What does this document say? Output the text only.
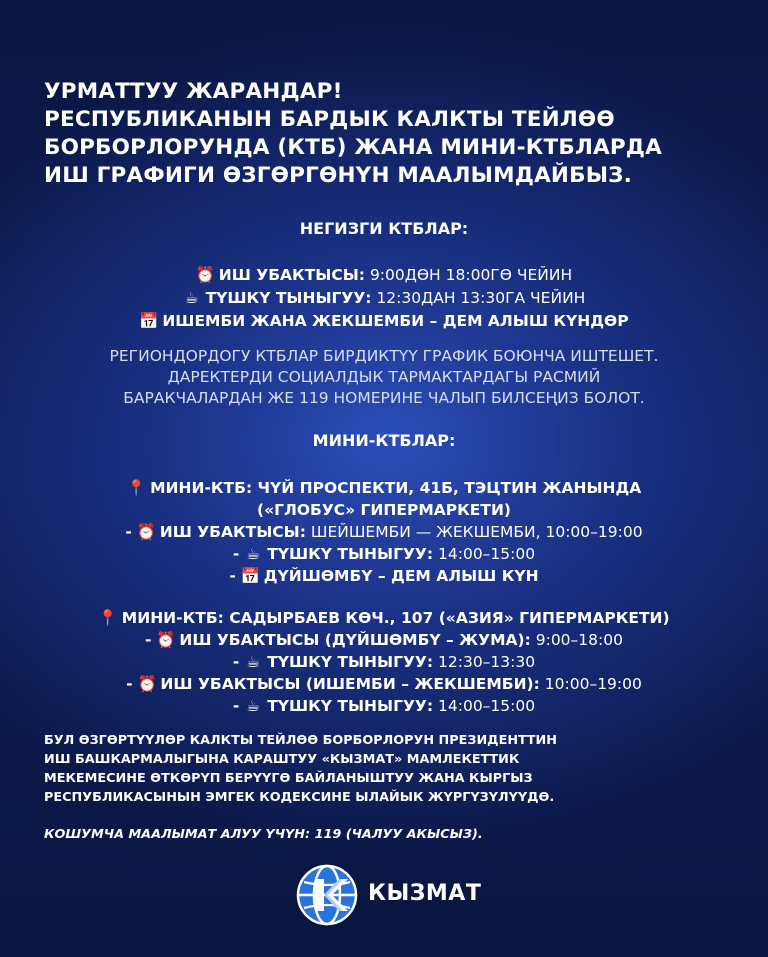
УРМАТТУУ ЖАРАНДАР!
РЕСПУБЛИКАНЫН БАРДЫК КАЛКТЫ ТЕЙЛӨӨ
БОРБОРЛОРУНДА (КТБ) ЖАНА МИНИ-КТБЛАРДА
ИШ ГРАФИГИ ӨЗГӨРГӨНҮН МААЛЫМДАЙБЫЗ.
НЕГИЗГИ КТБЛАР:
⏰ ИШ УБАКТЫСЫ: 9:00ДӨН 18:00ГӨ ЧЕЙИН
☕ ТҮШКҮ ТЫНЫГУУ: 12:30ДАН 13:30ГА ЧЕЙИН
📅 ИШЕМБИ ЖАНА ЖЕКШЕМБИ – ДЕМ АЛЫШ КҮНДӨР
РЕГИОНДОРДОГУ КТБЛАР БИРДИКТҮҮ ГРАФИК БОЮНЧА ИШТЕШЕТ.
ДАРЕКТЕРДИ СОЦИАЛДЫК ТАРМАКТАРДАГЫ РАСМИЙ
БАРАКЧАЛАРДАН ЖЕ 119 НОМЕРИНЕ ЧАЛЫП БИЛСЕҢИЗ БОЛОТ.
МИНИ-КТБЛАР:
📍 МИНИ-КТБ: ЧҮЙ ПРОСПЕКТИ, 41Б, ТЭЦТИН ЖАНЫНДА
(«ГЛОБУС» ГИПЕРМАРКЕТИ)
- ⏰ ИШ УБАКТЫСЫ: ШЕЙШЕМБИ — ЖЕКШЕМБИ, 10:00–19:00
- ☕ ТҮШКҮ ТЫНЫГУУ: 14:00–15:00
- 📅 ДҮЙШӨМБҮ – ДЕМ АЛЫШ КҮН
📍 МИНИ-КТБ: САДЫРБАЕВ КӨЧ., 107 («АЗИЯ» ГИПЕРМАРКЕТИ)
- ⏰ ИШ УБАКТЫСЫ (ДҮЙШӨМБҮ – ЖУМА): 9:00–18:00
- ☕ ТҮШКҮ ТЫНЫГУУ: 12:30–13:30
- ⏰ ИШ УБАКТЫСЫ (ИШЕМБИ – ЖЕКШЕМБИ): 10:00–19:00
- ☕ ТҮШКҮ ТЫНЫГУУ: 14:00–15:00
БУЛ ӨЗГӨРТҮҮЛӨР КАЛКТЫ ТЕЙЛӨӨ БОРБОРЛОРУН ПРЕЗИДЕНТТИН
ИШ БАШКАРМАЛЫГЫНА КАРАШТУУ «КЫЗМАТ» МАМЛЕКЕТТИК
МЕКЕМЕСИНЕ ӨТКӨРҮП БЕРҮҮГӨ БАЙЛАНЫШТУУ ЖАНА КЫРГЫЗ
РЕСПУБЛИКАСЫНЫН ЭМГЕК КОДЕКСИНЕ ЫЛАЙЫК ЖҮРГҮЗҮЛҮҮДӨ.
КОШУМЧА МААЛЫМАТ АЛУУ ҮЧҮН: 119 (ЧАЛУУ АКЫСЫЗ).
КЫЗМАТ
